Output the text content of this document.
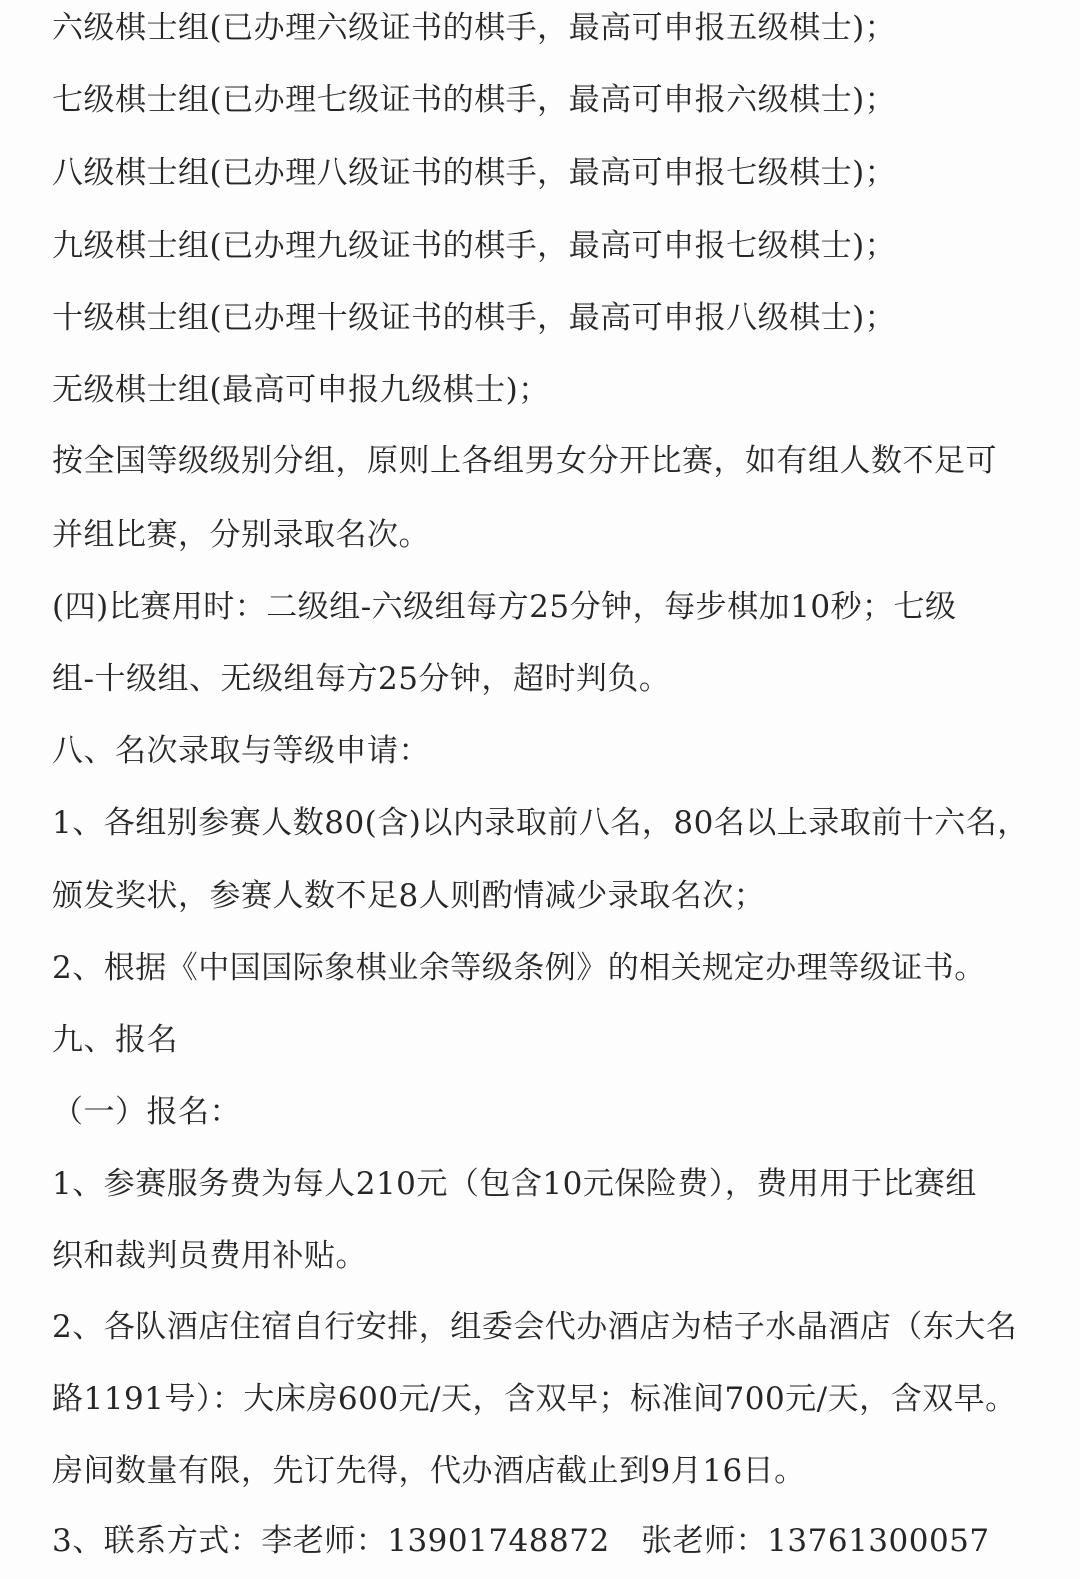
六级棋士组(已办理六级证书的棋手，最高可申报五级棋士)；

七级棋士组(已办理七级证书的棋手，最高可申报六级棋士)；

八级棋士组(已办理八级证书的棋手，最高可申报七级棋士)；

九级棋士组(已办理九级证书的棋手，最高可申报七级棋士)；

十级棋士组(已办理十级证书的棋手，最高可申报八级棋士)；

无级棋士组(最高可申报九级棋士)；

按全国等级级别分组，原则上各组男女分开比赛，如有组人数不足可

并组比赛，分别录取名次。

(四)比赛用时：二级组-六级组每方25分钟，每步棋加10秒；七级

组-十级组、无级组每方25分钟，超时判负。

八、名次录取与等级申请：

1、各组别参赛人数80(含)以内录取前八名，80名以上录取前十六名，

颁发奖状，参赛人数不足8人则酌情减少录取名次；

2、根据《中国国际象棋业余等级条例》的相关规定办理等级证书。

九、报名

（一）报名：

1、参赛服务费为每人210元（包含10元保险费），费用用于比赛组

织和裁判员费用补贴。

2、各队酒店住宿自行安排，组委会代办酒店为桔子水晶酒店（东大名

路1191号）：大床房600元/天，含双早；标准间700元/天，含双早。

房间数量有限，先订先得，代办酒店截止到9月16日。

3、联系方式：李老师：13901748872　张老师：13761300057
